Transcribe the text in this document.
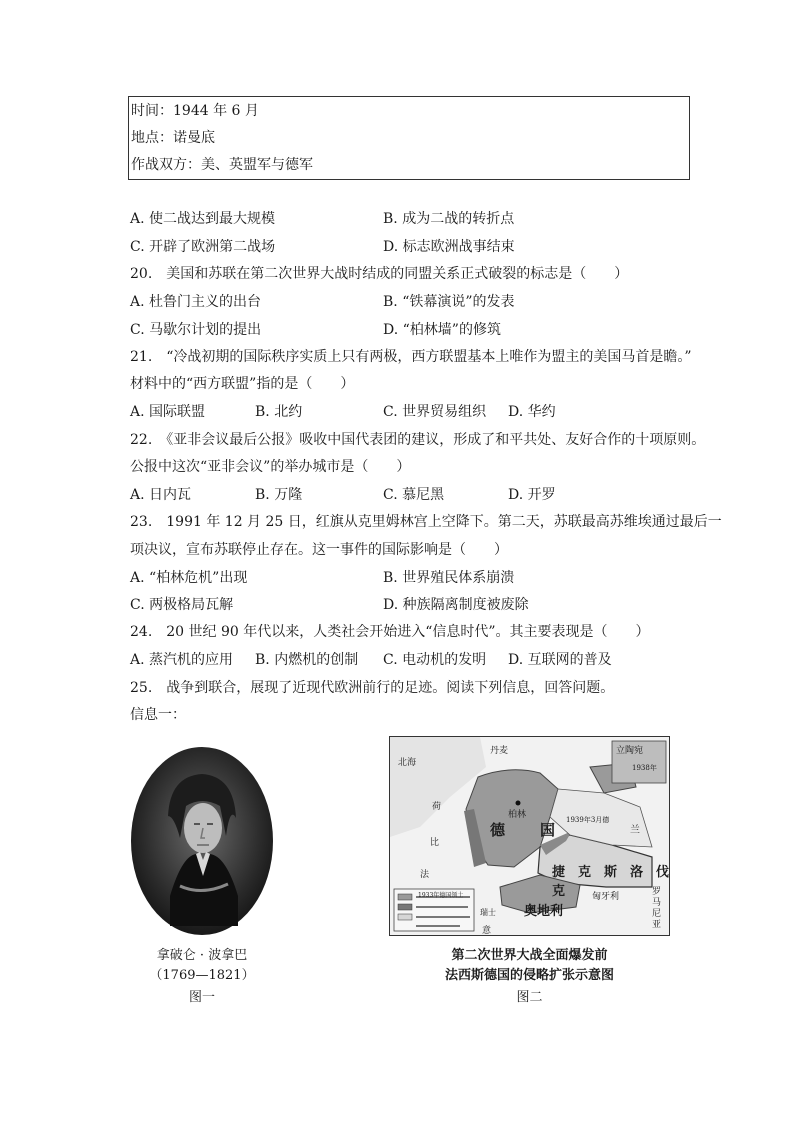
时间：1944 年 6 月
地点：诺曼底
作战双方：美、英盟军与德军
A. 使二战达到最大规模	B. 成为二战的转折点
C. 开辟了欧洲第二战场	D. 标志欧洲战事结束
20.　美国和苏联在第二次世界大战时结成的同盟关系正式破裂的标志是（　　）
A. 杜鲁门主义的出台	B. “铁幕演说”的发表
C. 马歇尔计划的提出	D. “柏林墙”的修筑
21.　“冷战初期的国际秩序实质上只有两极，西方联盟基本上唯作为盟主的美国马首是瞻。”
材料中的“西方联盟”指的是（　　）
A. 国际联盟	B. 北约	C. 世界贸易组织 D. 华约
22.　《亚非会议最后公报》吸收中国代表团的建议，形成了和平共处、友好合作的十项原则。
公报中这次“亚非会议”的举办城市是（　　）
A. 日内瓦	B. 万隆	C. 慕尼黑	D. 开罗
23.　1991 年 12 月 25 日，红旗从克里姆林宫上空降下。第二天，苏联最高苏维埃通过最后一
项决议，宣布苏联停止存在。这一事件的国际影响是（　　）
A. “柏林危机”出现	B. 世界殖民体系崩溃
C. 两极格局瓦解	D. 种族隔离制度被废除
24.　20 世纪 90 年代以来，人类社会开始进入“信息时代”。其主要表现是（　　）
A. 蒸汽机的应用 B. 内燃机的创制 C. 电动机的发明 D. 互联网的普及
25.　战争到联合，展现了近现代欧洲前行的足迹。阅读下列信息，回答问题。
信息一：
拿破仑 · 波拿巴
（1769—1821）
图一
德 国
柏林
捷　克　斯　洛　伐　克
奥地利
立陶宛
兰
匈牙利	罗马尼亚
意
丹麦
荷
比
法
瑞士
北海
1939年3月德
1938年
1933年德国领土
第二次世界大战全面爆发前
法西斯德国的侵略扩张示意图
图二
